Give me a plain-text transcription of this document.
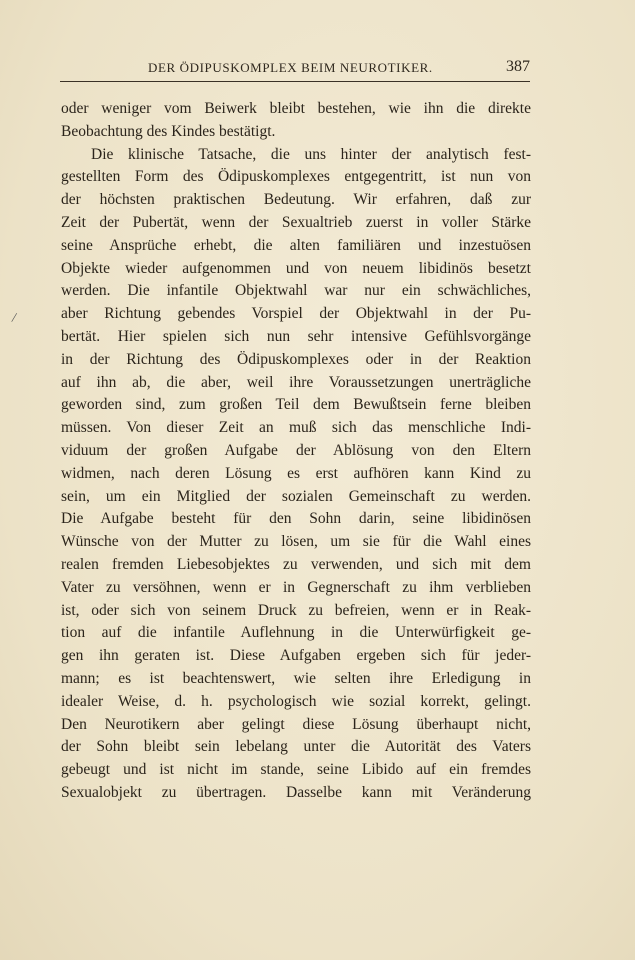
DER ÖDIPUSKOMPLEX BEIM NEUROTIKER.	387
/
oder weniger vom Beiwerk bleibt bestehen, wie ihn die direkte
Beobachtung des Kindes bestätigt.
Die klinische Tatsache, die uns hinter der analytisch fest-
gestellten Form des Ödipuskomplexes entgegentritt, ist nun von
der höchsten praktischen Bedeutung. Wir erfahren, daß zur
Zeit der Pubertät, wenn der Sexualtrieb zuerst in voller Stärke
seine Ansprüche erhebt, die alten familiären und inzestuösen
Objekte wieder aufgenommen und von neuem libidinös besetzt
werden. Die infantile Objektwahl war nur ein schwächliches,
aber Richtung gebendes Vorspiel der Objektwahl in der Pu-
bertät. Hier spielen sich nun sehr intensive Gefühlsvorgänge
in der Richtung des Ödipuskomplexes oder in der Reaktion
auf ihn ab, die aber, weil ihre Voraussetzungen unerträgliche
geworden sind, zum großen Teil dem Bewußtsein ferne bleiben
müssen. Von dieser Zeit an muß sich das menschliche Indi-
viduum der großen Aufgabe der Ablösung von den Eltern
widmen, nach deren Lösung es erst aufhören kann Kind zu
sein, um ein Mitglied der sozialen Gemeinschaft zu werden.
Die Aufgabe besteht für den Sohn darin, seine libidinösen
Wünsche von der Mutter zu lösen, um sie für die Wahl eines
realen fremden Liebesobjektes zu verwenden, und sich mit dem
Vater zu versöhnen, wenn er in Gegnerschaft zu ihm verblieben
ist, oder sich von seinem Druck zu befreien, wenn er in Reak-
tion auf die infantile Auflehnung in die Unterwürfigkeit ge-
gen ihn geraten ist. Diese Aufgaben ergeben sich für jeder-
mann; es ist beachtenswert, wie selten ihre Erledigung in
idealer Weise, d. h. psychologisch wie sozial korrekt, gelingt.
Den Neurotikern aber gelingt diese Lösung überhaupt nicht,
der Sohn bleibt sein lebelang unter die Autorität des Vaters
gebeugt und ist nicht im stande, seine Libido auf ein fremdes
Sexualobjekt zu übertragen. Dasselbe kann mit Veränderung
